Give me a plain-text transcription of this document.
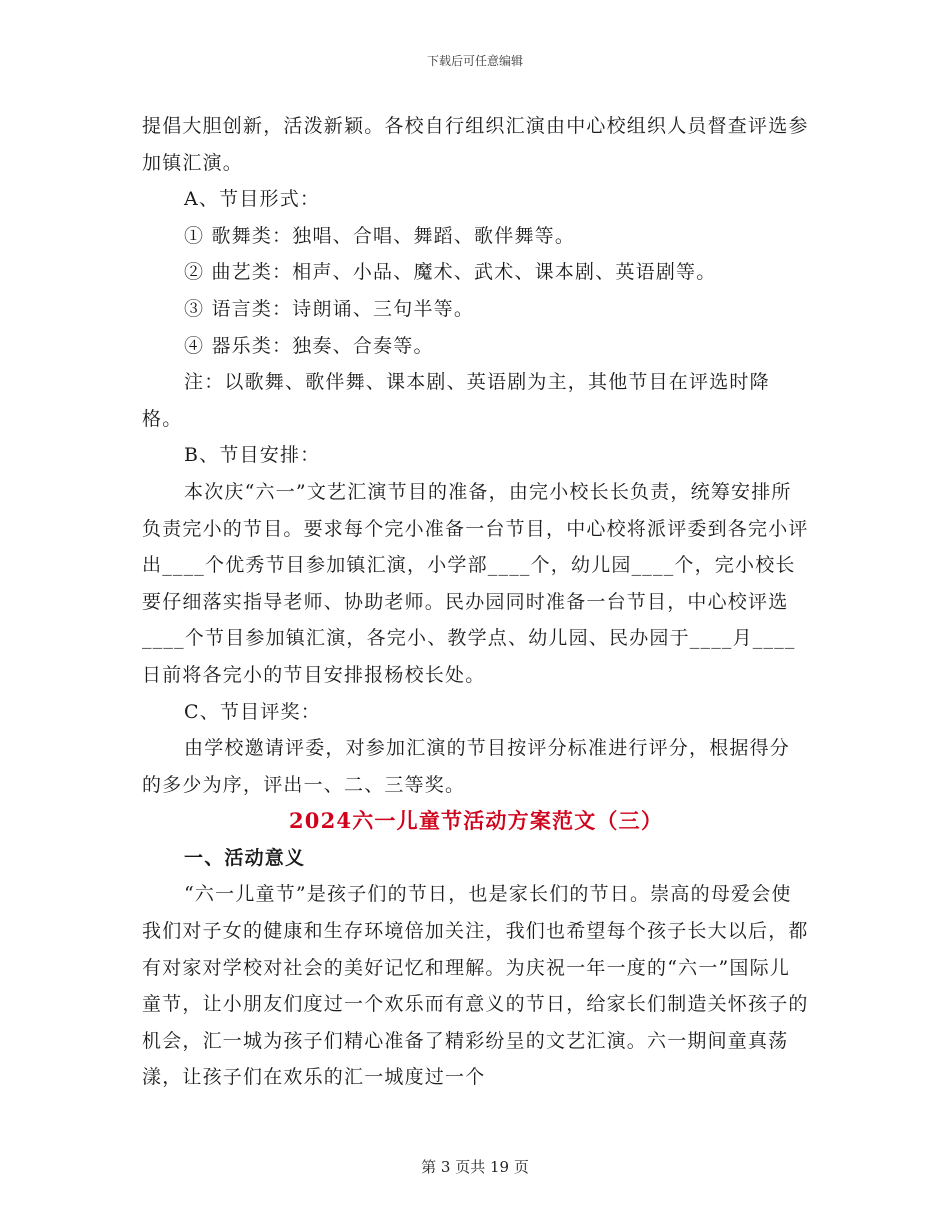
下载后可任意编辑

提倡大胆创新，活泼新颖。各校自行组织汇演由中心校组织人员督查评选参加镇汇演。

A、节目形式：

① 歌舞类：独唱、合唱、舞蹈、歌伴舞等。

② 曲艺类：相声、小品、魔术、武术、课本剧、英语剧等。

③ 语言类：诗朗诵、三句半等。

④ 器乐类：独奏、合奏等。

注：以歌舞、歌伴舞、课本剧、英语剧为主，其他节目在评选时降格。

B、节目安排：

本次庆“六一”文艺汇演节目的准备，由完小校长长负责，统筹安排所负责完小的节目。要求每个完小准备一台节目，中心校将派评委到各完小评出____个优秀节目参加镇汇演，小学部____个，幼儿园____个，完小校长要仔细落实指导老师、协助老师。民办园同时准备一台节目，中心校评选____个节目参加镇汇演，各完小、教学点、幼儿园、民办园于____月____日前将各完小的节目安排报杨校长处。

C、节目评奖：

由学校邀请评委，对参加汇演的节目按评分标准进行评分，根据得分的多少为序，评出一、二、三等奖。

2024六一儿童节活动方案范文（三）

一、活动意义

“六一儿童节”是孩子们的节日，也是家长们的节日。崇高的母爱会使我们对子女的健康和生存环境倍加关注，我们也希望每个孩子长大以后，都有对家对学校对社会的美好记忆和理解。为庆祝一年一度的“六一”国际儿童节，让小朋友们度过一个欢乐而有意义的节日，给家长们制造关怀孩子的机会，汇一城为孩子们精心准备了精彩纷呈的文艺汇演。六一期间童真荡漾，让孩子们在欢乐的汇一城度过一个

第 3 页共 19 页
